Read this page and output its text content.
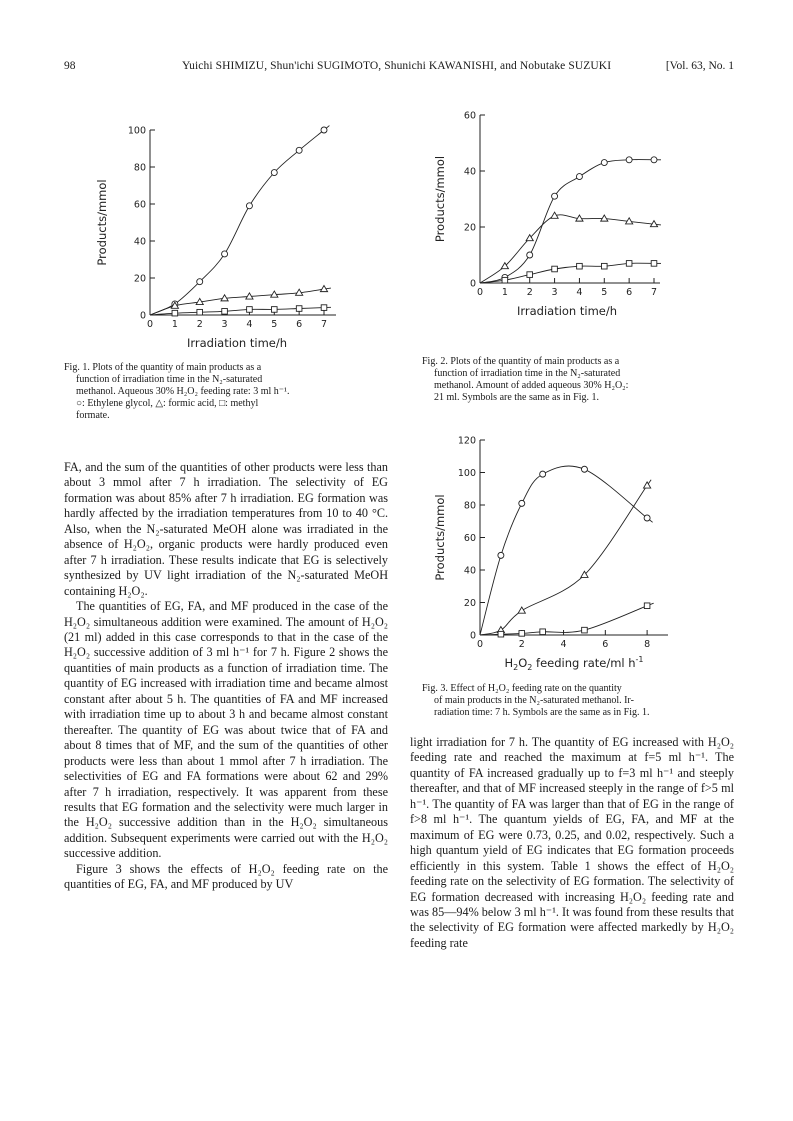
98	Yuichi SHIMIZU, Shun'ichi SUGIMOTO, Shunichi KAWANISHI, and Nobutake SUZUKI	[Vol. 63, No. 1
0
20
40
60
80
100
0 1 2 3 4 5 6 7
Irradiation time/h
Products/mmol
Fig. 1. Plots of the quantity of main products as a
function of irradiation time in the N₂-saturated
methanol. Aqueous 30% H₂O₂ feeding rate: 3 ml h⁻¹.
○: Ethylene glycol, △: formic acid, □: methyl
formate.
0
20
40
60
0 1 2 3 4 5 6 7
Irradiation time/h
Products/mmol
Fig. 2. Plots of the quantity of main products as a
function of irradiation time in the N₂-saturated
methanol. Amount of added aqueous 30% H₂O₂:
21 ml. Symbols are the same as in Fig. 1.
0
20
40
60
80
100
120
0	2	4	6	8
$H_2O_2$ feeding rate/ml $h^{-1}$
Products/mmol
Fig. 3. Effect of H₂O₂ feeding rate on the quantity
of main products in the N₂-saturated methanol. Ir-
radiation time: 7 h. Symbols are the same as in Fig. 1.

FA, and the sum of the quantities of other products were less than about 3 mmol after 7 h irradiation. The selectivity of EG formation was about 85% after 7 h irradiation. EG formation was hardly affected by the irradiation temperatures from 10 to 40 °C. Also, when the N₂-saturated MeOH alone was irradiated in the absence of H₂O₂, organic products were hardly produced even after 7 h irradiation. These results indicate that EG is selectively synthesized by UV light irradiation of the N₂-saturated MeOH containing H₂O₂.

The quantities of EG, FA, and MF produced in the case of the H₂O₂ simultaneous addition were examined. The amount of H₂O₂ (21 ml) added in this case corresponds to that in the case of the H₂O₂ successive addition of 3 ml h⁻¹ for 7 h. Figure 2 shows the quantities of main products as a function of irradiation time. The quantity of EG increased with irradiation time and became almost constant after about 5 h. The quantities of FA and MF increased with irradiation time up to about 3 h and became almost constant thereafter. The quantity of EG was about twice that of FA and about 8 times that of MF, and the sum of the quantities of other products were less than about 1 mmol after 7 h irradiation. The selectivities of EG and FA formations were about 62 and 29% after 7 h irradiation, respectively. It was apparent from these results that EG formation and the selectivity were much larger in the H₂O₂ successive addition than in the H₂O₂ simultaneous addition. Subsequent experiments were carried out with the H₂O₂ successive addition.

Figure 3 shows the effects of H₂O₂ feeding rate on the quantities of EG, FA, and MF produced by UV

light irradiation for 7 h. The quantity of EG increased with H₂O₂ feeding rate and reached the maximum at f=5 ml h⁻¹. The quantity of FA increased gradually up to f=3 ml h⁻¹ and steeply thereafter, and that of MF increased steeply in the range of f>5 ml h⁻¹. The quantity of FA was larger than that of EG in the range of f>8 ml h⁻¹. The quantum yields of EG, FA, and MF at the maximum of EG were 0.73, 0.25, and 0.02, respectively. Such a high quantum yield of EG indicates that EG formation proceeds efficiently in this system. Table 1 shows the effect of H₂O₂ feeding rate on the selectivity of EG formation. The selectivity of EG formation decreased with increasing H₂O₂ feeding rate and was 85—94% below 3 ml h⁻¹. It was found from these results that the selectivity of EG formation were affected markedly by H₂O₂ feeding rate
